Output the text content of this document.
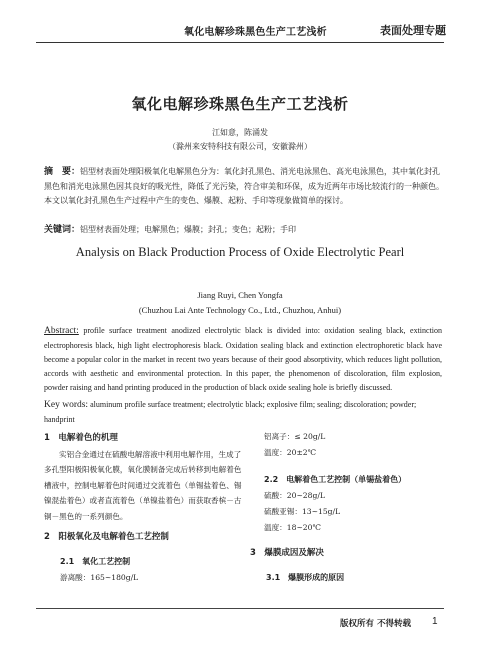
氧化电解珍珠黑色生产工艺浅析	表面处理专题
氧化电解珍珠黑色生产工艺浅析
江如意，陈涌发
（滁州来安特科技有限公司，安徽滁州）
摘　要：铝型材表面处理阳极氧化电解黑色分为：氧化封孔黑色、消光电泳黑色、高光电泳黑色，其中氧化封孔黑色和消光电泳黑色因其良好的吸光性，降低了光污染，符合审美和环保，成为近两年市场比较流行的一种颜色。本文以氧化封孔黑色生产过程中产生的变色、爆膜、起粉、手印等现象做简单的探讨。
关键词：铝型材表面处理；电解黑色；爆膜；封孔；变色；起粉；手印
Analysis on Black Production Process of Oxide Electrolytic Pearl
Jiang Ruyi, Chen Yongfa
(Chuzhou Lai Ante Technology Co., Ltd., Chuzhou, Anhui)
Abstract: profile surface treatment anodized electrolytic black is divided into: oxidation sealing black, extinction electrophoresis black, high light electrophoresis black. Oxidation sealing black and extinction electrophoretic black have become a popular color in the market in recent two years because of their good absorptivity, which reduces light pollution, accords with aesthetic and environmental protection. In this paper, the phenomenon of discoloration, film explosion, powder raising and hand printing produced in the production of black oxide sealing hole is briefly discussed.
Key words: aluminum profile surface treatment; electrolytic black; explosive film; sealing; discoloration; powder; handprint
1　电解着色的机理
实铝合金通过在硫酸电解溶液中利用电解作用，生成了多孔型阳极阳极氧化膜，氧化膜制备完成后转移到电解着色槽液中，控制电解着色时间通过交流着色（单锡盐着色、锡镍混盐着色）或者直流着色（单镍盐着色）而获取香槟－古铜－黑色的一系列颜色。
2　阳极氧化及电解着色工艺控制
2.1　氧化工艺控制
游离酸：165~180g/L
铝离子：≤ 20g/L
温度：20±2℃
2.2　电解着色工艺控制（单锡盐着色）
硫酸：20~28g/L
硫酸亚锡：13~15g/L
温度：18~20℃
3　爆膜成因及解决
3.1　爆膜形成的原因
版权所有 不得转载 1
